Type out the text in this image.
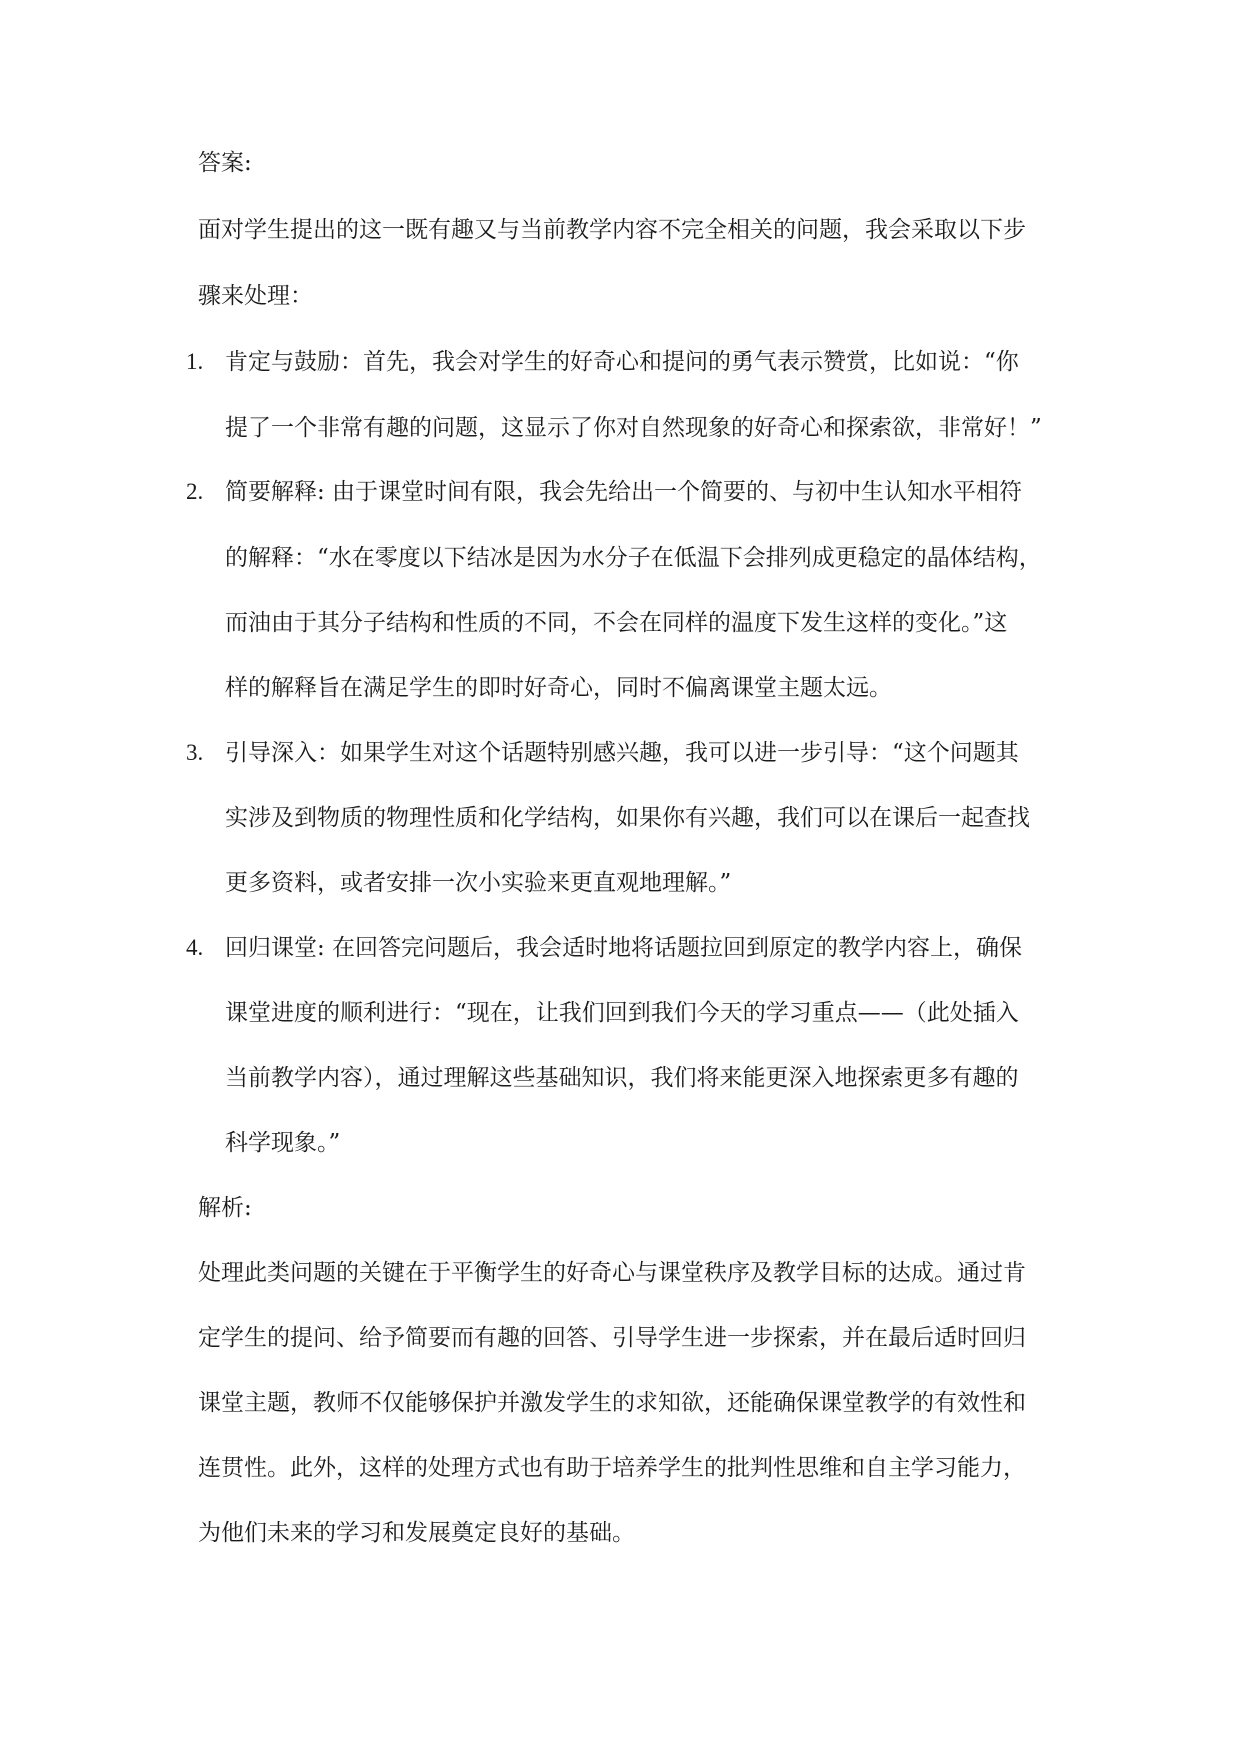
答案:
面对学生提出的这一既有趣又与当前教学内容不完全相关的问题，我会采取以下步
骤来处理：
1. 肯定与鼓励：首先，我会对学生的好奇心和提问的勇气表示赞赏，比如说：“你
提了一个非常有趣的问题，这显示了你对自然现象的好奇心和探索欲，非常好！”
2. 简要解释: 由于课堂时间有限，我会先给出一个简要的、与初中生认知水平相符
的解释：“水在零度以下结冰是因为水分子在低温下会排列成更稳定的晶体结构，
而油由于其分子结构和性质的不同，不会在同样的温度下发生这样的变化。”这
样的解释旨在满足学生的即时好奇心，同时不偏离课堂主题太远。
3. 引导深入：如果学生对这个话题特别感兴趣，我可以进一步引导：“这个问题其
实涉及到物质的物理性质和化学结构，如果你有兴趣，我们可以在课后一起查找
更多资料，或者安排一次小实验来更直观地理解。”
4. 回归课堂: 在回答完问题后，我会适时地将话题拉回到原定的教学内容上，确保
课堂进度的顺利进行：“现在，让我们回到我们今天的学习重点——（此处插入
当前教学内容），通过理解这些基础知识，我们将来能更深入地探索更多有趣的
科学现象。”
解析:
处理此类问题的关键在于平衡学生的好奇心与课堂秩序及教学目标的达成。通过肯
定学生的提问、给予简要而有趣的回答、引导学生进一步探索，并在最后适时回归
课堂主题，教师不仅能够保护并激发学生的求知欲，还能确保课堂教学的有效性和
连贯性。此外，这样的处理方式也有助于培养学生的批判性思维和自主学习能力，
为他们未来的学习和发展奠定良好的基础。
